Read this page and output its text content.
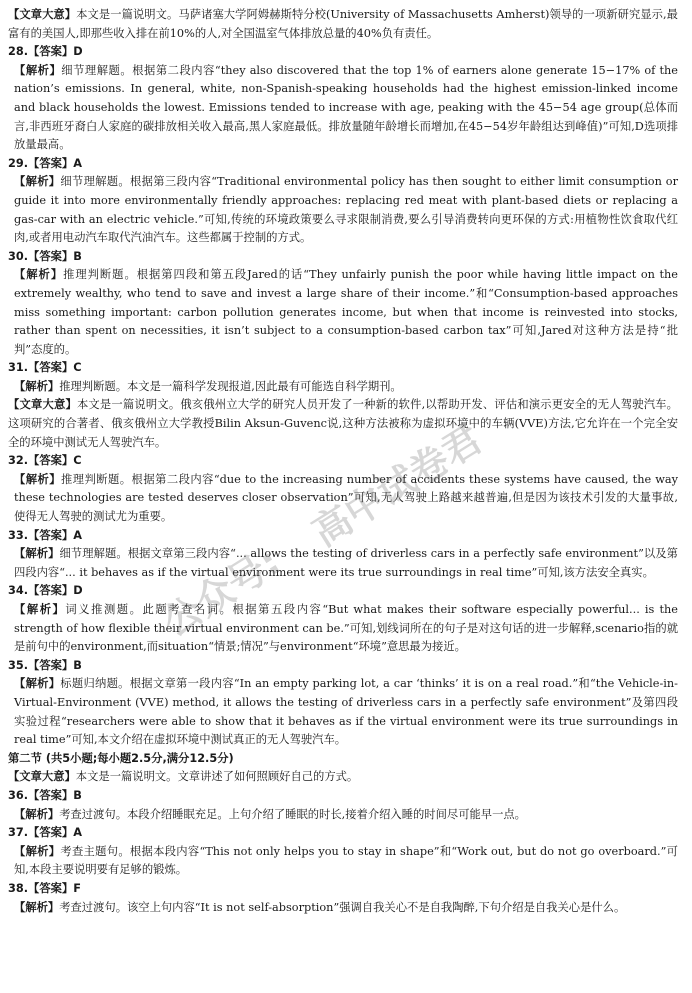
【文章大意】本文是一篇说明文。马萨诸塞大学阿姆赫斯特分校(University of Massachusetts Amherst)领导的一项新研究显示,最富有的美国人,即那些收入排在前10%的人,对全国温室气体排放总量的40%负有责任。

28.【答案】D

【解析】细节理解题。根据第二段内容“they also discovered that the top 1% of earners alone generate 15−17% of the nation’s emissions. In general, white, non-Spanish-speaking households had the highest emission-linked income and black households the lowest. Emissions tended to increase with age, peaking with the 45−54 age group(总体而言,非西班牙裔白人家庭的碳排放相关收入最高,黑人家庭最低。排放量随年龄增长而增加,在45−54岁年龄组达到峰值)”可知,D选项排放量最高。

29.【答案】A

【解析】细节理解题。根据第三段内容“Traditional environmental policy has then sought to either limit consumption or guide it into more environmentally friendly approaches: replacing red meat with plant-based diets or replacing a gas-car with an electric vehicle.”可知,传统的环境政策要么寻求限制消费,要么引导消费转向更环保的方式:用植物性饮食取代红肉,或者用电动汽车取代汽油汽车。这些都属于控制的方式。

30.【答案】B

【解析】推理判断题。根据第四段和第五段Jared的话“They unfairly punish the poor while having little impact on the extremely wealthy, who tend to save and invest a large share of their income.”和“Consumption-based approaches miss something important: carbon pollution generates income, but when that income is reinvested into stocks, rather than spent on necessities, it isn’t subject to a consumption-based carbon tax”可知,Jared对这种方法是持“批判”态度的。

31.【答案】C

【解析】推理判断题。本文是一篇科学发现报道,因此最有可能选自科学期刊。

【文章大意】本文是一篇说明文。俄亥俄州立大学的研究人员开发了一种新的软件,以帮助开发、评估和演示更安全的无人驾驶汽车。这项研究的合著者、俄亥俄州立大学教授Bilin Aksun-Guvenc说,这种方法被称为虚拟环境中的车辆(VVE)方法,它允许在一个完全安全的环境中测试无人驾驶汽车。

32.【答案】C

【解析】推理判断题。根据第二段内容“due to the increasing number of accidents these systems have caused, the way these technologies are tested deserves closer observation”可知,无人驾驶上路越来越普遍,但是因为该技术引发的大量事故,使得无人驾驶的测试尤为重要。

33.【答案】A

【解析】细节理解题。根据文章第三段内容“... allows the testing of driverless cars in a perfectly safe environment”以及第四段内容“... it behaves as if the virtual environment were its true surroundings in real time”可知,该方法安全真实。

34.【答案】D

【解析】词义推测题。此题考查名词。根据第五段内容“But what makes their software especially powerful... is the strength of how flexible their virtual environment can be.”可知,划线词所在的句子是对这句话的进一步解释,scenario指的就是前句中的environment,而situation“情景;情况”与environment“环境”意思最为接近。

35.【答案】B

【解析】标题归纳题。根据文章第一段内容“In an empty parking lot, a car ‘thinks’ it is on a real road.”和“the Vehicle-in-Virtual-Environment (VVE) method, it allows the testing of driverless cars in a perfectly safe environment”及第四段实验过程“researchers were able to show that it behaves as if the virtual environment were its true surroundings in real time”可知,本文介绍在虚拟环境中测试真正的无人驾驶汽车。

第二节 (共5小题;每小题2.5分,满分12.5分)

【文章大意】本文是一篇说明文。文章讲述了如何照顾好自己的方式。

36.【答案】B

【解析】考查过渡句。本段介绍睡眠充足。上句介绍了睡眠的时长,接着介绍入睡的时间尽可能早一点。

37.【答案】A

【解析】考查主题句。根据本段内容“This not only helps you to stay in shape”和“Work out, but do not go overboard.”可知,本段主要说明要有足够的锻炼。

38.【答案】F

【解析】考查过渡句。该空上句内容“It is not self-absorption”强调自我关心不是自我陶醉,下句介绍是自我关心是什么。

公众号:
高中试卷君
